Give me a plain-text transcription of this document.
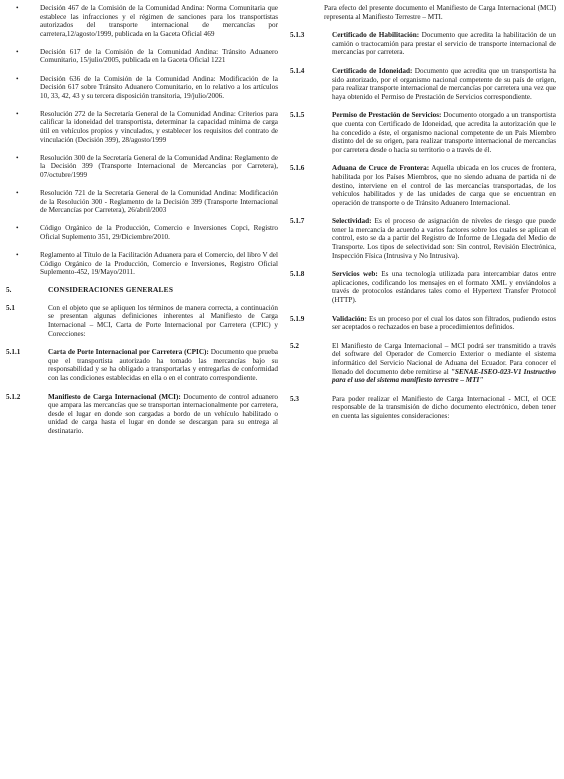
•	Decisión 467 de la Comisión de la Comunidad Andina: Norma Comunitaria que establece las infracciones y el régimen de sanciones para los transportistas autorizados del transporte internacional de mercancías por carretera,12/agosto/1999, publicada en la Gaceta Oficial 469

•	Decisión 617 de la Comisión de la Comunidad Andina: Tránsito Aduanero Comunitario, 15/julio/2005, publicada en la Gaceta Oficial 1221

•	Decisión 636 de la Comisión de la Comunidad Andina: Modificación de la Decisión 617 sobre Tránsito Aduanero Comunitario, en lo relativo a los artículos 10, 33, 42, 43 y su tercera disposición transitoria, 19/julio/2006.

•	Resolución 272 de la Secretaría General de la Comunidad Andina: Criterios para calificar la idoneidad del transportista, determinar la capacidad mínima de carga útil en vehículos propios y vinculados, y establecer los requisitos del contrato de vinculación (Decisión 399), 28/agosto/1999

•	Resolución 300 de la Secretaría General de la Comunidad Andina: Reglamento de la Decisión 399 (Transporte Internacional de Mercancías por Carretera), 07/octubre/1999

•	Resolución 721 de la Secretaría General de la Comunidad Andina: Modificación de la Resolución 300 - Reglamento de la Decisión 399 (Transporte Internacional de Mercancías por Carretera), 26/abril/2003

•	Código Orgánico de la Producción, Comercio e Inversiones Copci, Registro Oficial Suplemento 351, 29/Diciembre/2010.

•	Reglamento al Título de la Facilitación Aduanera para el Comercio, del libro V del Código Orgánico de la Producción, Comercio e Inversiones, Registro Oficial Suplemento-452, 19/Mayo/2011.

5.	CONSIDERACIONES GENERALES

5.1	Con el objeto que se apliquen los términos de manera correcta, a continuación se presentan algunas definiciones inherentes al Manifiesto de Carga Internacional – MCI, Carta de Porte Internacional por Carretera (CPIC) y Corecciones:

5.1.1	Carta de Porte Internacional por Carretera (CPIC): Documento que prueba que el transportista autorizado ha tomado las mercancías bajo su responsabilidad y se ha obligado a transportarlas y entregarlas de conformidad con las condiciones establecidas en ella o en el contrato correspondiente.

5.1.2	Manifiesto de Carga Internacional (MCI): Documento de control aduanero que ampara las mercancías que se transportan internacionalmente por carretera, desde el lugar en donde son cargadas a bordo de un vehículo habilitado o unidad de carga hasta el lugar en donde se descargan para su entrega al destinatario.

Para efecto del presente documento el Manifiesto de Carga Internacional (MCI) representa al Manifiesto Terrestre – MTI.

5.1.3	Certificado de Habilitación: Documento que acredita la habilitación de un camión o tractocamión para prestar el servicio de transporte internacional de mercancías por carretera.

5.1.4	Certificado de Idoneidad: Documento que acredita que un transportista ha sido autorizado, por el organismo nacional competente de su país de origen, para realizar transporte internacional de mercancías por carretera una vez que haya obtenido el Permiso de Prestación de Servicios correspondiente.

5.1.5	Permiso de Prestación de Servicios: Documento otorgado a un transportista que cuenta con Certificado de Idoneidad, que acredita la autorización que le ha concedido a éste, el organismo nacional competente de un País Miembro distinto del de su origen, para realizar transporte internacional de mercancías por carretera desde o hacia su territorio o a través de él.

5.1.6	Aduana de Cruce de Frontera: Aquella ubicada en los cruces de frontera, habilitada por los Países Miembros, que no siendo aduana de partida ni de destino, interviene en el control de las mercancías transportadas, de los vehículos habilitados y de las unidades de carga que se encuentran en operación de transporte o de Tránsito Aduanero Internacional.

5.1.7	Selectividad: Es el proceso de asignación de niveles de riesgo que puede tener la mercancía de acuerdo a varios factores sobre los cuales se aplican el control, esto se da a partir del Registro de Informe de Llegada del Medio de Transporte. Los tipos de selectividad son: Sin control, Revisión Electrónica, Inspección Física (Intrusiva y No Intrusiva).

5.1.8	Servicios web: Es una tecnología utilizada para intercambiar datos entre aplicaciones, codificando los mensajes en el formato XML y enviándolos a través de protocolos estándares tales como el Hypertext Transfer Protocol (HTTP).

5.1.9	Validación: Es un proceso por el cual los datos son filtrados, pudiendo estos ser aceptados o rechazados en base a procedimientos definidos.

5.2	El Manifiesto de Carga Internacional – MCI podrá ser transmitido a través del software del Operador de Comercio Exterior o mediante el sistema informático del Servicio Nacional de Aduana del Ecuador. Para conocer el llenado del documento debe remitirse al "SENAE-ISEO-023-V1 Instructivo para el uso del sistema manifiesto terrestre – MTI"

5.3	Para poder realizar el Manifiesto de Carga Internacional - MCI, el OCE responsable de la transmisión de dicho documento electrónico, deben tener en cuenta las siguientes consideraciones:
